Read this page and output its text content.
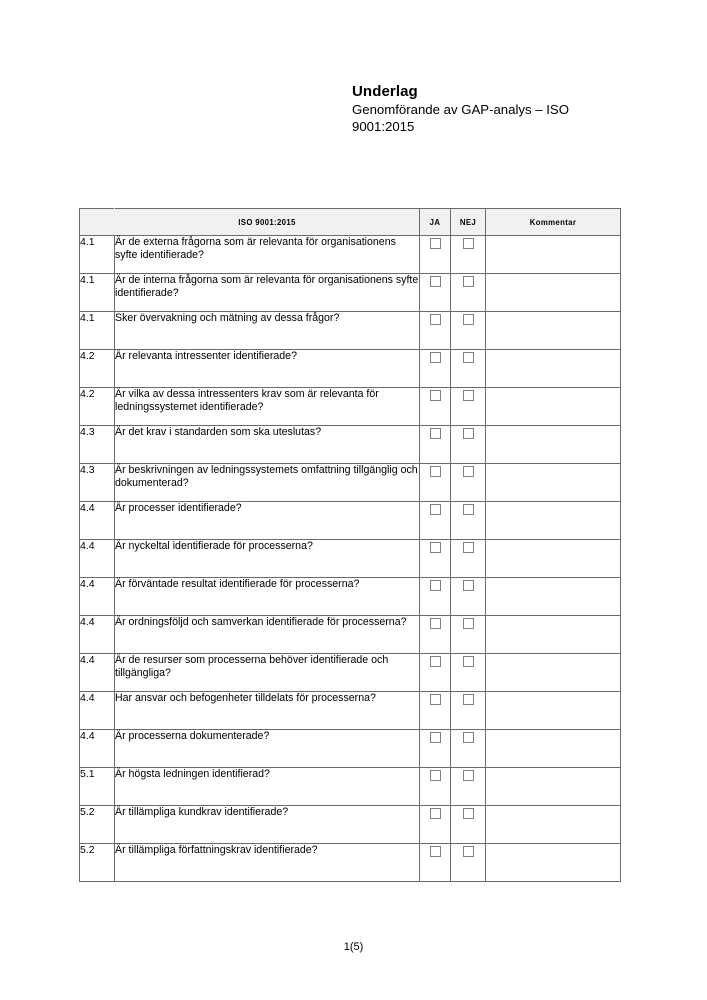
Underlag

Genomförande av GAP-analys – ISO 9001:2015

	ISO 9001:2015	JA	NEJ	Kommentar
4.1	Är de externa frågorna som är relevanta för organisationens syfte identifierade?			
4.1	Är de interna frågorna som är relevanta för organisationens syfte identifierade?			
4.1	Sker övervakning och mätning av dessa frågor?			
4.2	Är relevanta intressenter identifierade?			
4.2	Är vilka av dessa intressenters krav som är relevanta för ledningssystemet identifierade?			
4.3	Är det krav i standarden som ska uteslutas?			
4.3	Är beskrivningen av ledningssystemets omfattning tillgänglig och dokumenterad?			
4.4	Är processer identifierade?			
4.4	Är nyckeltal identifierade för processerna?			
4.4	Är förväntade resultat identifierade för processerna?			
4.4	Är ordningsföljd och samverkan identifierade för processerna?			
4.4	Är de resurser som processerna behöver identifierade och tillgängliga?			
4.4	Har ansvar och befogenheter tilldelats för processerna?			
4.4	Är processerna dokumenterade?			
5.1	Är högsta ledningen identifierad?			
5.2	Är tillämpliga kundkrav identifierade?			
5.2	Är tillämpliga författningskrav identifierade?			
1(5)
